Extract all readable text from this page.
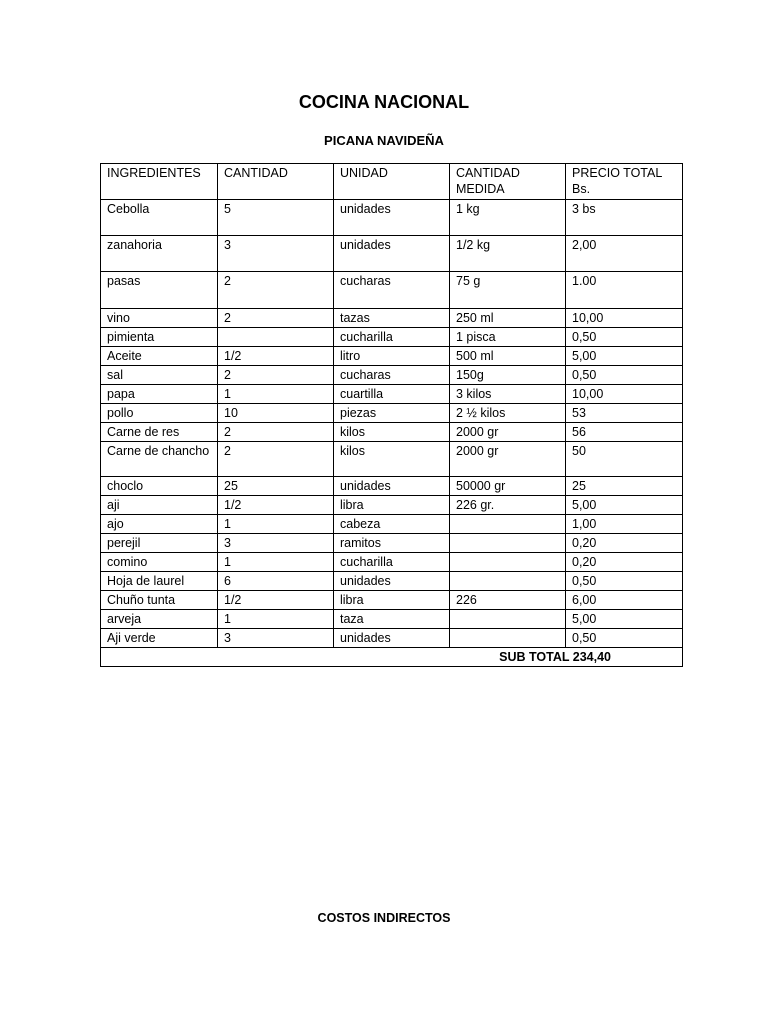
COCINA NACIONAL
PICANA NAVIDEÑA
INGREDIENTES	CANTIDAD	UNIDAD	CANTIDAD MEDIDA	PRECIO TOTAL Bs.
Cebolla	5	unidades	1 kg	3 bs
zanahoria	3	unidades	1/2 kg	2,00
pasas	2	cucharas	75 g	1.00
vino	2	tazas	250 ml	10,00
pimienta		cucharilla	1 pisca	0,50
Aceite	1/2	litro	500 ml	5,00
sal	2	cucharas	150g	0,50
papa	1	cuartilla	3 kilos	10,00
pollo	10	piezas	2 ½ kilos	53
Carne de res	2	kilos	2000 gr	56
Carne de chancho	2	kilos	2000 gr	50
choclo	25	unidades	50000 gr	25
aji	1/2	libra	226 gr.	5,00
ajo	1	cabeza		1,00
perejil	3	ramitos		0,20
comino	1	cucharilla		0,20
Hoja de laurel	6	unidades		0,50
Chuño tunta	1/2	libra	226	6,00
arveja	1	taza		5,00
Aji verde	3	unidades		0,50
SUB TOTAL 234,40				
COSTOS INDIRECTOS
